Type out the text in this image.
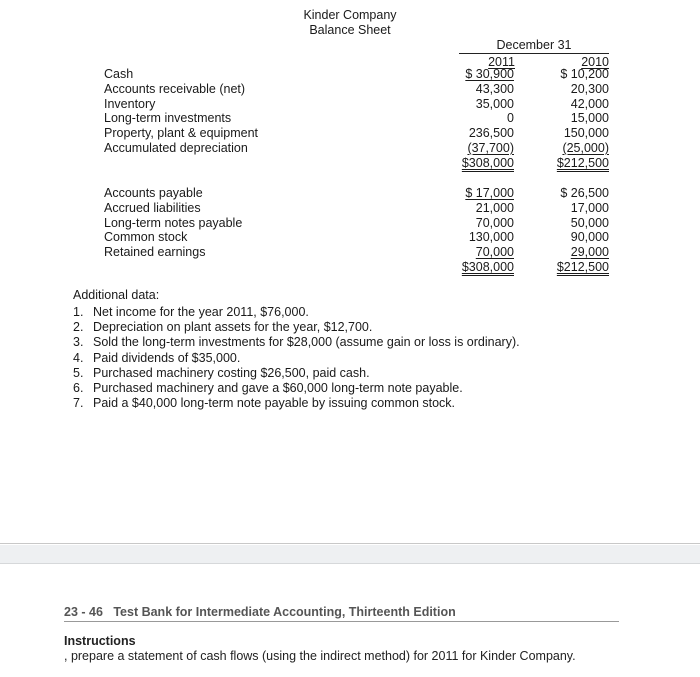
Kinder Company
Balance Sheet
December 31
2011	2010
Cash
Accounts receivable (net)
Inventory
Long-term investments
Property, plant & equipment
Accumulated depreciation
$ 30,900
43,300
35,000
0
236,500
(37,700)
$308,000
$ 10,200
20,300
42,000
15,000
150,000
(25,000)
$212,500
Accounts payable
Accrued liabilities
Long-term notes payable
Common stock
Retained earnings
$ 17,000
21,000
70,000
130,000
70,000
$308,000
$ 26,500
17,000
50,000
90,000
29,000
$212,500
Additional data:
1. Net income for the year 2011, $76,000.
2. Depreciation on plant assets for the year, $12,700.
3. Sold the long-term investments for $28,000 (assume gain or loss is ordinary).
4. Paid dividends of $35,000.
5. Purchased machinery costing $26,500, paid cash.
6. Purchased machinery and gave a $60,000 long-term note payable.
7. Paid a $40,000 long-term note payable by issuing common stock.
23 - 46   Test Bank for Intermediate Accounting, Thirteenth Edition
Instructions
, prepare a statement of cash flows (using the indirect method) for 2011 for Kinder Company.
